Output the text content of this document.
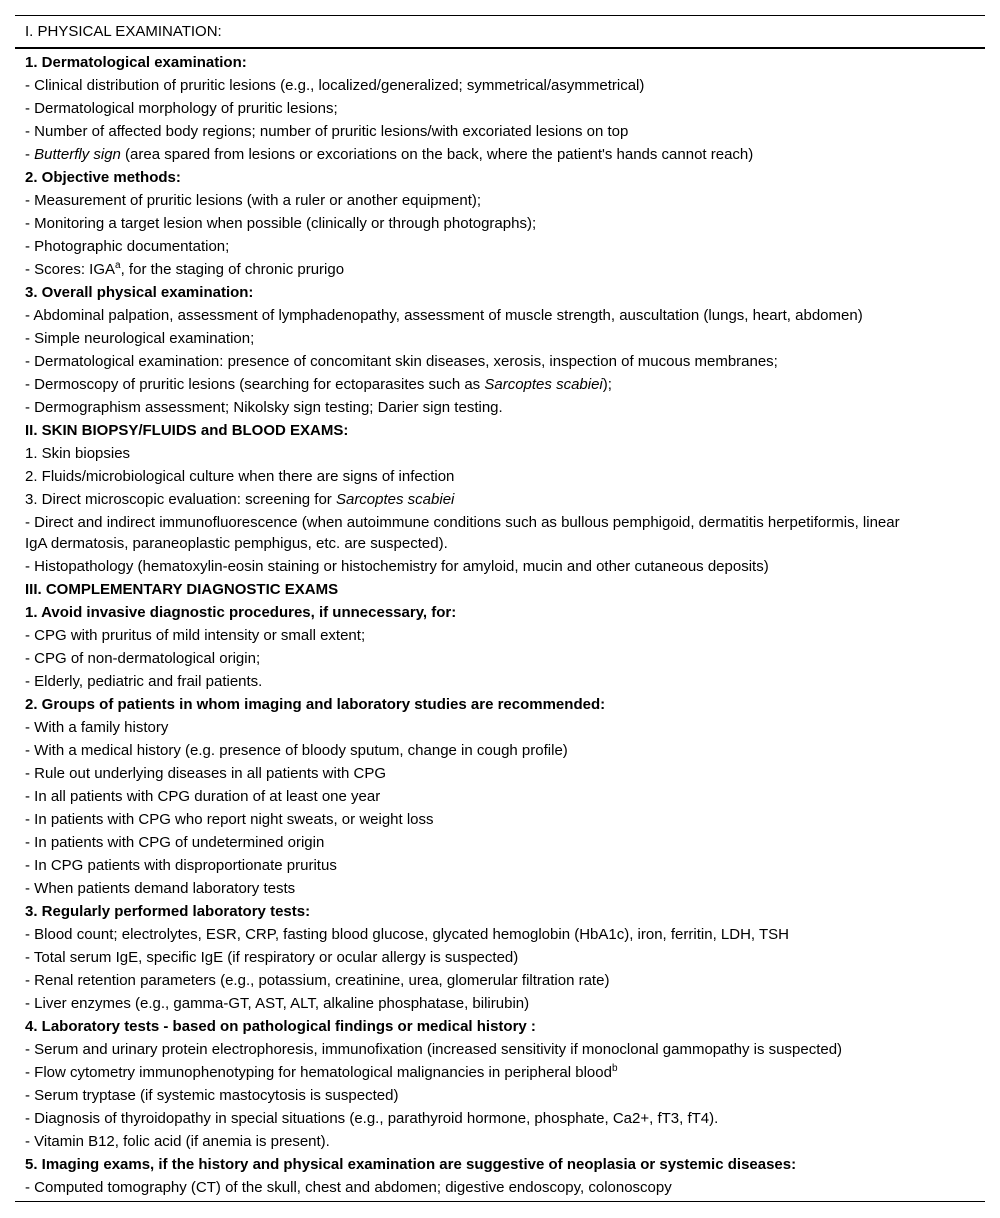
I. PHYSICAL EXAMINATION:
1. Dermatological examination:
- Clinical distribution of pruritic lesions (e.g., localized/generalized; symmetrical/asymmetrical)
- Dermatological morphology of pruritic lesions;
- Number of affected body regions; number of pruritic lesions/with excoriated lesions on top
- Butterfly sign (area spared from lesions or excoriations on the back, where the patient's hands cannot reach)
2. Objective methods:
- Measurement of pruritic lesions (with a ruler or another equipment);
- Monitoring a target lesion when possible (clinically or through photographs);
- Photographic documentation;
- Scores: IGA$^a$, for the staging of chronic prurigo
3. Overall physical examination:
- Abdominal palpation, assessment of lymphadenopathy, assessment of muscle strength, auscultation (lungs, heart, abdomen)
- Simple neurological examination;
- Dermatological examination: presence of concomitant skin diseases, xerosis, inspection of mucous membranes;
- Dermoscopy of pruritic lesions (searching for ectoparasites such as Sarcoptes scabiei);
- Dermographism assessment; Nikolsky sign testing; Darier sign testing.
II. SKIN BIOPSY/FLUIDS and BLOOD EXAMS:
1. Skin biopsies
2. Fluids/microbiological culture when there are signs of infection
3. Direct microscopic evaluation: screening for Sarcoptes scabiei
- Direct and indirect immunofluorescence (when autoimmune conditions such as bullous pemphigoid, dermatitis herpetiformis, linear IgA dermatosis, paraneoplastic pemphigus, etc. are suspected).
- Histopathology (hematoxylin-eosin staining or histochemistry for amyloid, mucin and other cutaneous deposits)
III. COMPLEMENTARY DIAGNOSTIC EXAMS
1. Avoid invasive diagnostic procedures, if unnecessary, for:
- CPG with pruritus of mild intensity or small extent;
- CPG of non-dermatological origin;
- Elderly, pediatric and frail patients.
2. Groups of patients in whom imaging and laboratory studies are recommended:
- With a family history
- With a medical history (e.g. presence of bloody sputum, change in cough profile)
- Rule out underlying diseases in all patients with CPG
- In all patients with CPG duration of at least one year
- In patients with CPG who report night sweats, or weight loss
- In patients with CPG of undetermined origin
- In CPG patients with disproportionate pruritus
- When patients demand laboratory tests
3. Regularly performed laboratory tests:
- Blood count; electrolytes, ESR, CRP, fasting blood glucose, glycated hemoglobin (HbA1c), iron, ferritin, LDH, TSH
- Total serum IgE, specific IgE (if respiratory or ocular allergy is suspected)
- Renal retention parameters (e.g., potassium, creatinine, urea, glomerular filtration rate)
- Liver enzymes (e.g., gamma-GT, AST, ALT, alkaline phosphatase, bilirubin)
4. Laboratory tests - based on pathological findings or medical history :
- Serum and urinary protein electrophoresis, immunofixation (increased sensitivity if monoclonal gammopathy is suspected)
- Flow cytometry immunophenotyping for hematological malignancies in peripheral blood$^b$
- Serum tryptase (if systemic mastocytosis is suspected)
- Diagnosis of thyroidopathy in special situations (e.g., parathyroid hormone, phosphate, Ca2+, fT3, fT4).
- Vitamin B12, folic acid (if anemia is present).
5. Imaging exams, if the history and physical examination are suggestive of neoplasia or systemic diseases:
- Computed tomography (CT) of the skull, chest and abdomen; digestive endoscopy, colonoscopy
